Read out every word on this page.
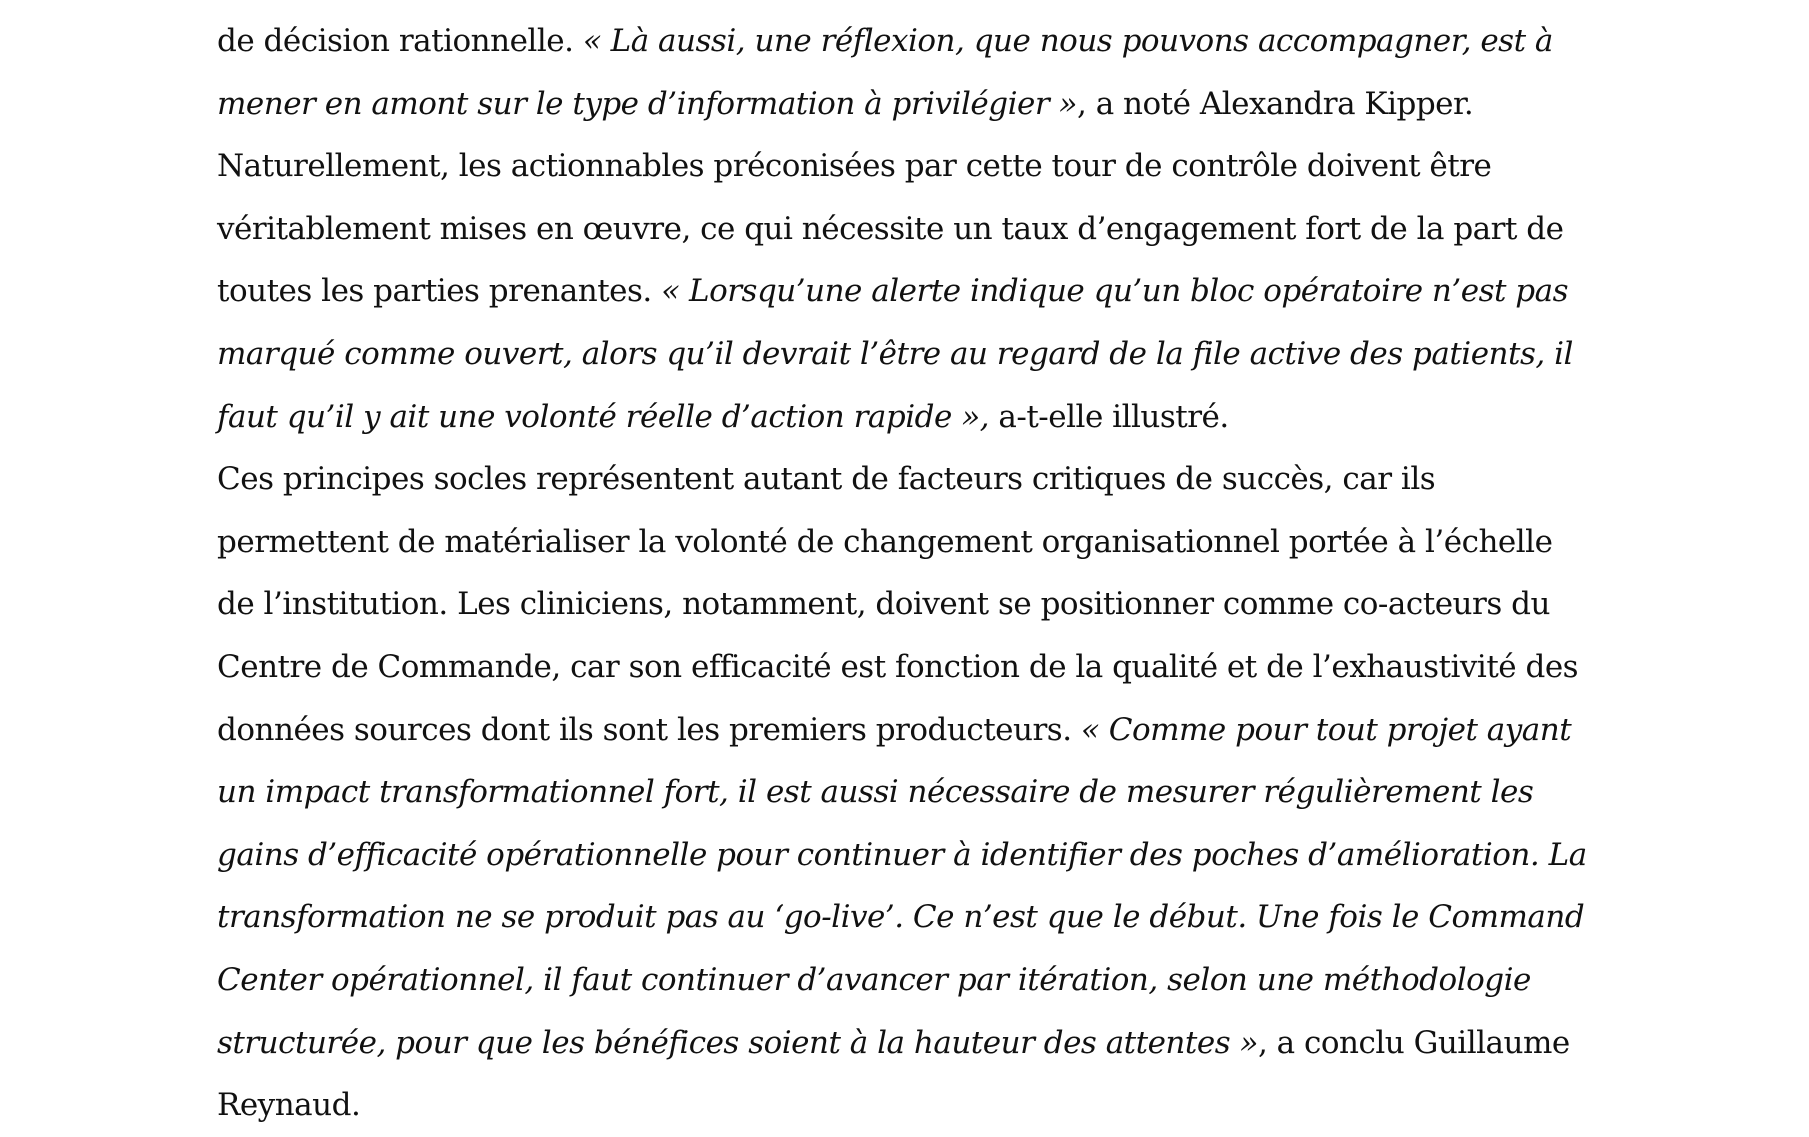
de décision rationnelle. « Là aussi, une réflexion, que nous pouvons accompagner, est à
mener en amont sur le type d’information à privilégier », a noté Alexandra Kipper.
Naturellement, les actionnables préconisées par cette tour de contrôle doivent être
véritablement mises en œuvre, ce qui nécessite un taux d’engagement fort de la part de
toutes les parties prenantes. « Lorsqu’une alerte indique qu’un bloc opératoire n’est pas
marqué comme ouvert, alors qu’il devrait l’être au regard de la file active des patients, il
faut qu’il y ait une volonté réelle d’action rapide », a-t-elle illustré.
Ces principes socles représentent autant de facteurs critiques de succès, car ils
permettent de matérialiser la volonté de changement organisationnel portée à l’échelle
de l’institution. Les cliniciens, notamment, doivent se positionner comme co-acteurs du
Centre de Commande, car son efficacité est fonction de la qualité et de l’exhaustivité des
données sources dont ils sont les premiers producteurs. « Comme pour tout projet ayant
un impact transformationnel fort, il est aussi nécessaire de mesurer régulièrement les
gains d’efficacité opérationnelle pour continuer à identifier des poches d’amélioration. La
transformation ne se produit pas au ‘go-live’. Ce n’est que le début. Une fois le Command
Center opérationnel, il faut continuer d’avancer par itération, selon une méthodologie
structurée, pour que les bénéfices soient à la hauteur des attentes », a conclu Guillaume
Reynaud.
